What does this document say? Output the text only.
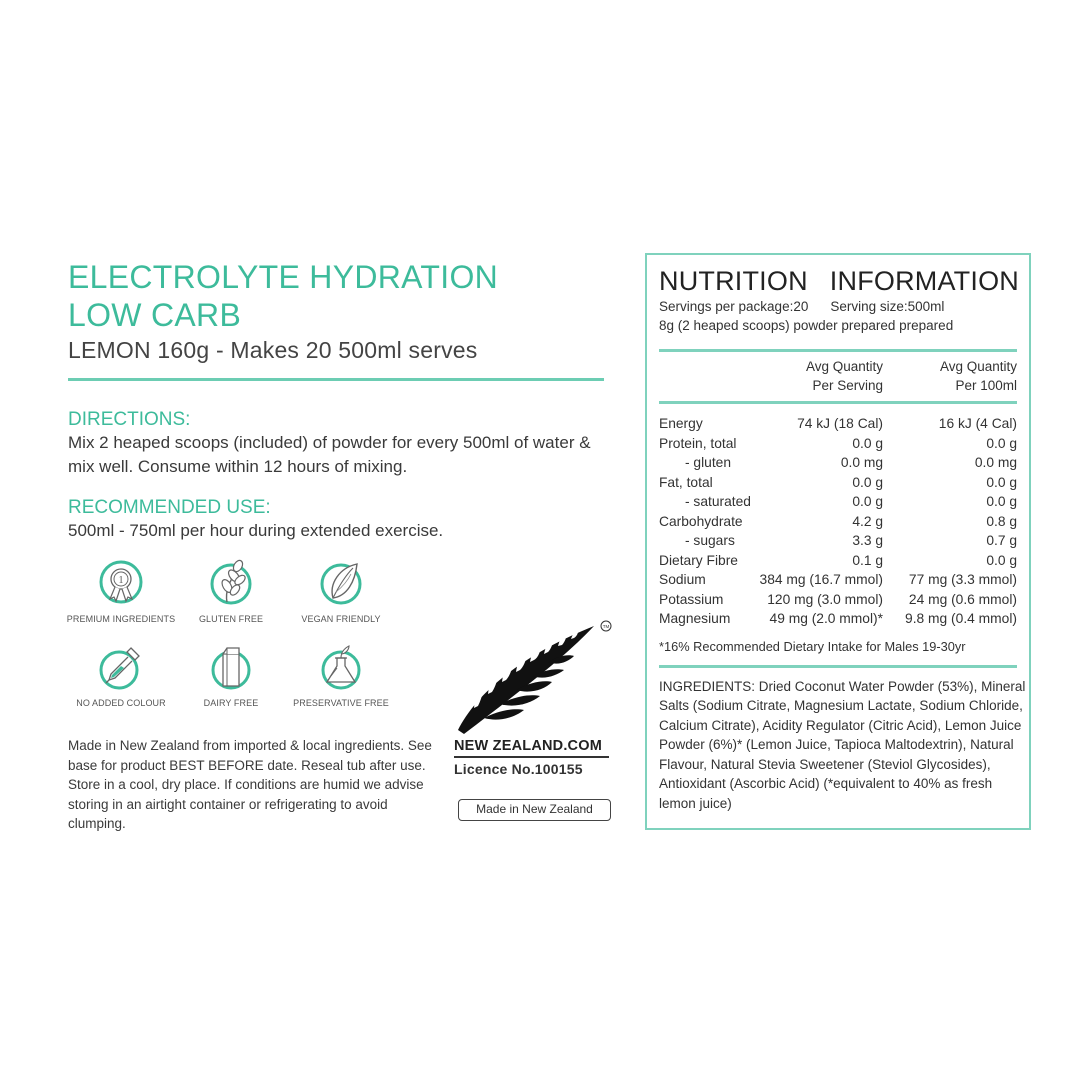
ELECTROLYTE HYDRATION
LOW CARB
LEMON 160g - Makes 20 500ml serves
DIRECTIONS:
Mix 2 heaped scoops (included) of powder for every 500ml of water & mix well. Consume within 12 hours of mixing.
RECOMMENDED USE:
500ml - 750ml per hour during extended exercise.
1
PREMIUM INGREDIENTS	GLUTEN FREE	VEGAN FRIENDLY
NO ADDED COLOUR	DAIRY FREE	PRESERVATIVE FREE
Made in New Zealand from imported & local ingredients. See base for product BEST BEFORE date. Reseal tub after use. Store in a cool, dry place. If conditions are humid we advise storing in an airtight container or refrigerating to avoid clumping.
TM
NEW ZEALAND.COM
Licence No.100155
Made in New Zealand
NUTRITION INFORMATION
Servings per package:20 Serving size:500ml
8g (2 heaped scoops) powder prepared prepared
Avg Quantity
Per Serving
Avg Quantity
Per 100ml
Energy	74 kJ (18 Cal)	16 kJ (4 Cal)
Protein, total	0.0 g	0.0 g
- gluten	0.0 mg	0.0 mg
Fat, total	0.0 g	0.0 g
- saturated	0.0 g	0.0 g
Carbohydrate	4.2 g	0.8 g
- sugars	3.3 g	0.7 g
Dietary Fibre	0.1 g	0.0 g
Sodium	384 mg (16.7 mmol)	77 mg (3.3 mmol)
Potassium	120 mg (3.0 mmol)	24 mg (0.6 mmol)
Magnesium	49 mg (2.0 mmol)*	9.8 mg (0.4 mmol)
*16% Recommended Dietary Intake for Males 19-30yr
INGREDIENTS: Dried Coconut Water Powder (53%), Mineral Salts (Sodium Citrate, Magnesium Lactate, Sodium Chloride, Calcium Citrate), Acidity Regulator (Citric Acid), Lemon Juice Powder (6%)* (Lemon Juice, Tapioca Maltodextrin), Natural Flavour, Natural Stevia Sweetener (Steviol Glycosides), Antioxidant (Ascorbic Acid) (*equivalent to 40% as fresh lemon juice)
